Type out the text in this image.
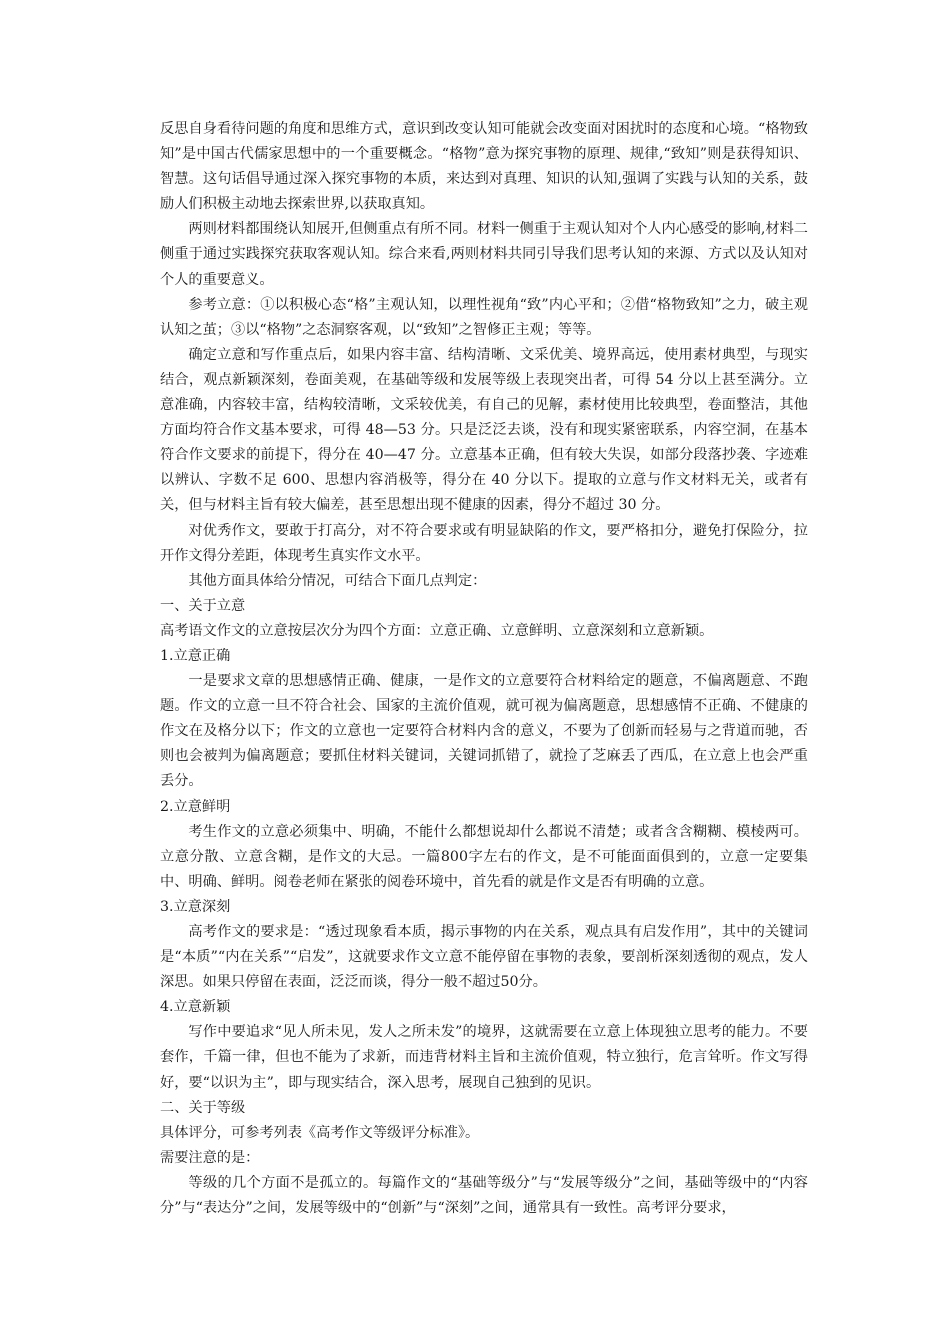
反思自身看待问题的角度和思维方式，意识到改变认知可能就会改变面对困扰时的态度和心境。“格物致知”是中国古代儒家思想中的一个重要概念。“格物”意为探究事物的原理、规律,“致知”则是获得知识、智慧。这句话倡导通过深入探究事物的本质，来达到对真理、知识的认知,强调了实践与认知的关系，鼓励人们积极主动地去探索世界,以获取真知。

两则材料都围绕认知展开,但侧重点有所不同。材料一侧重于主观认知对个人内心感受的影响,材料二侧重于通过实践探究获取客观认知。综合来看,两则材料共同引导我们思考认知的来源、方式以及认知对个人的重要意义。

参考立意：①以积极心态“格”主观认知，以理性视角“致”内心平和；②借“格物致知”之力，破主观认知之茧；③以“格物”之态洞察客观，以“致知”之智修正主观；等等。

确定立意和写作重点后，如果内容丰富、结构清晰、文采优美、境界高远，使用素材典型，与现实结合，观点新颖深刻，卷面美观，在基础等级和发展等级上表现突出者，可得 54 分以上甚至满分。立意准确，内容较丰富，结构较清晰，文采较优美，有自己的见解，素材使用比较典型，卷面整洁，其他方面均符合作文基本要求，可得 48—53 分。只是泛泛去谈，没有和现实紧密联系，内容空洞，在基本符合作文要求的前提下，得分在 40—47 分。立意基本正确，但有较大失误，如部分段落抄袭、字迹难以辨认、字数不足 600、思想内容消极等，得分在 40 分以下。提取的立意与作文材料无关，或者有关，但与材料主旨有较大偏差，甚至思想出现不健康的因素，得分不超过 30 分。

对优秀作文，要敢于打高分，对不符合要求或有明显缺陷的作文，要严格扣分，避免打保险分，拉开作文得分差距，体现考生真实作文水平。

其他方面具体给分情况，可结合下面几点判定：

一、关于立意

高考语文作文的立意按层次分为四个方面：立意正确、立意鲜明、立意深刻和立意新颖。

1.立意正确

一是要求文章的思想感情正确、健康，一是作文的立意要符合材料给定的题意，不偏离题意、不跑题。作文的立意一旦不符合社会、国家的主流价值观，就可视为偏离题意，思想感情不正确、不健康的作文在及格分以下；作文的立意也一定要符合材料内含的意义，不要为了创新而轻易与之背道而驰，否则也会被判为偏离题意；要抓住材料关键词，关键词抓错了，就捡了芝麻丢了西瓜，在立意上也会严重丢分。

2.立意鲜明

考生作文的立意必须集中、明确，不能什么都想说却什么都说不清楚；或者含含糊糊、模棱两可。立意分散、立意含糊，是作文的大忌。一篇800字左右的作文，是不可能面面俱到的，立意一定要集中、明确、鲜明。阅卷老师在紧张的阅卷环境中，首先看的就是作文是否有明确的立意。

3.立意深刻

高考作文的要求是：“透过现象看本质，揭示事物的内在关系，观点具有启发作用”，其中的关键词是“本质”“内在关系”“启发”，这就要求作文立意不能停留在事物的表象，要剖析深刻透彻的观点，发人深思。如果只停留在表面，泛泛而谈，得分一般不超过50分。

4.立意新颖

写作中要追求“见人所未见，发人之所未发”的境界，这就需要在立意上体现独立思考的能力。不要套作，千篇一律，但也不能为了求新，而违背材料主旨和主流价值观，特立独行，危言耸听。作文写得好，要“以识为主”，即与现实结合，深入思考，展现自己独到的见识。

二、关于等级

具体评分，可参考列表《高考作文等级评分标准》。

需要注意的是：

等级的几个方面不是孤立的。每篇作文的“基础等级分”与“发展等级分”之间，基础等级中的“内容分”与“表达分”之间，发展等级中的“创新”与“深刻”之间，通常具有一致性。高考评分要求，
